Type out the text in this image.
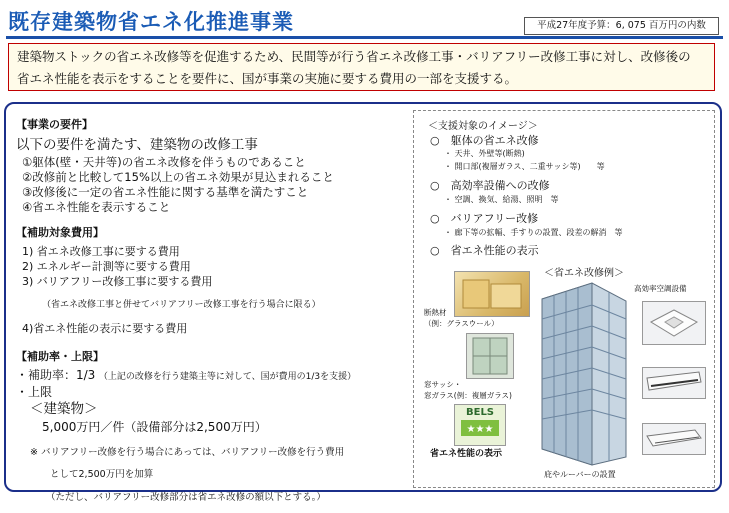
既存建築物省エネ化推進事業	平成27年度予算：6, 075 百万円の内数
建築物ストックの省エネ改修等を促進するため、民間等が行う省エネ改修工事・バリアフリー改修工事に対し、改修後の
省エネ性能を表示をすることを要件に、国が事業の実施に要する費用の一部を支援する。

【事業の要件】

以下の要件を満たす、建築物の改修工事

①躯体(壁・天井等)の省エネ改修を伴うものであること

②改修前と比較して15%以上の省エネ効果が見込まれること

③改修後に一定の省エネ性能に関する基準を満たすこと

④省エネ性能を表示すること

【補助対象費用】

1) 省エネ改修工事に要する費用

2) エネルギー計測等に要する費用

3) バリアフリー改修工事に要する費用

（省エネ改修工事と併せてバリアフリー改修工事を行う場合に限る）

4)省エネ性能の表示に要する費用

【補助率・上限】

・補助率：1/3 （上記の改修を行う建築主等に対して、国が費用の1/3を支援）

・上限

＜建築物＞

5,000万円／件（設備部分は2,500万円）

※ バリアフリー改修を行う場合にあっては、バリアフリー改修を行う費用

として2,500万円を加算

（ただし、バリアフリー改修部分は省エネ改修の額以下とする。）

＜支援対象のイメージ＞
○　躯体の省エネ改修
・ 天井、外壁等(断熱)
・ 開口部(複層ガラス、二重サッシ等)　　等
○　高効率設備への改修
・ 空調、換気、給湯、照明　等
○　バリアフリー改修
・ 廊下等の拡幅、手すりの設置、段差の解消　等
○　省エネ性能の表示
＜省エネ改修例＞
断熱材
（例：グラスウール）
窓サッシ・
窓ガラス(例：複層ガラス)
BELS
★★★
省エネ性能の表示
高効率空調設備
庇やルーバーの設置
